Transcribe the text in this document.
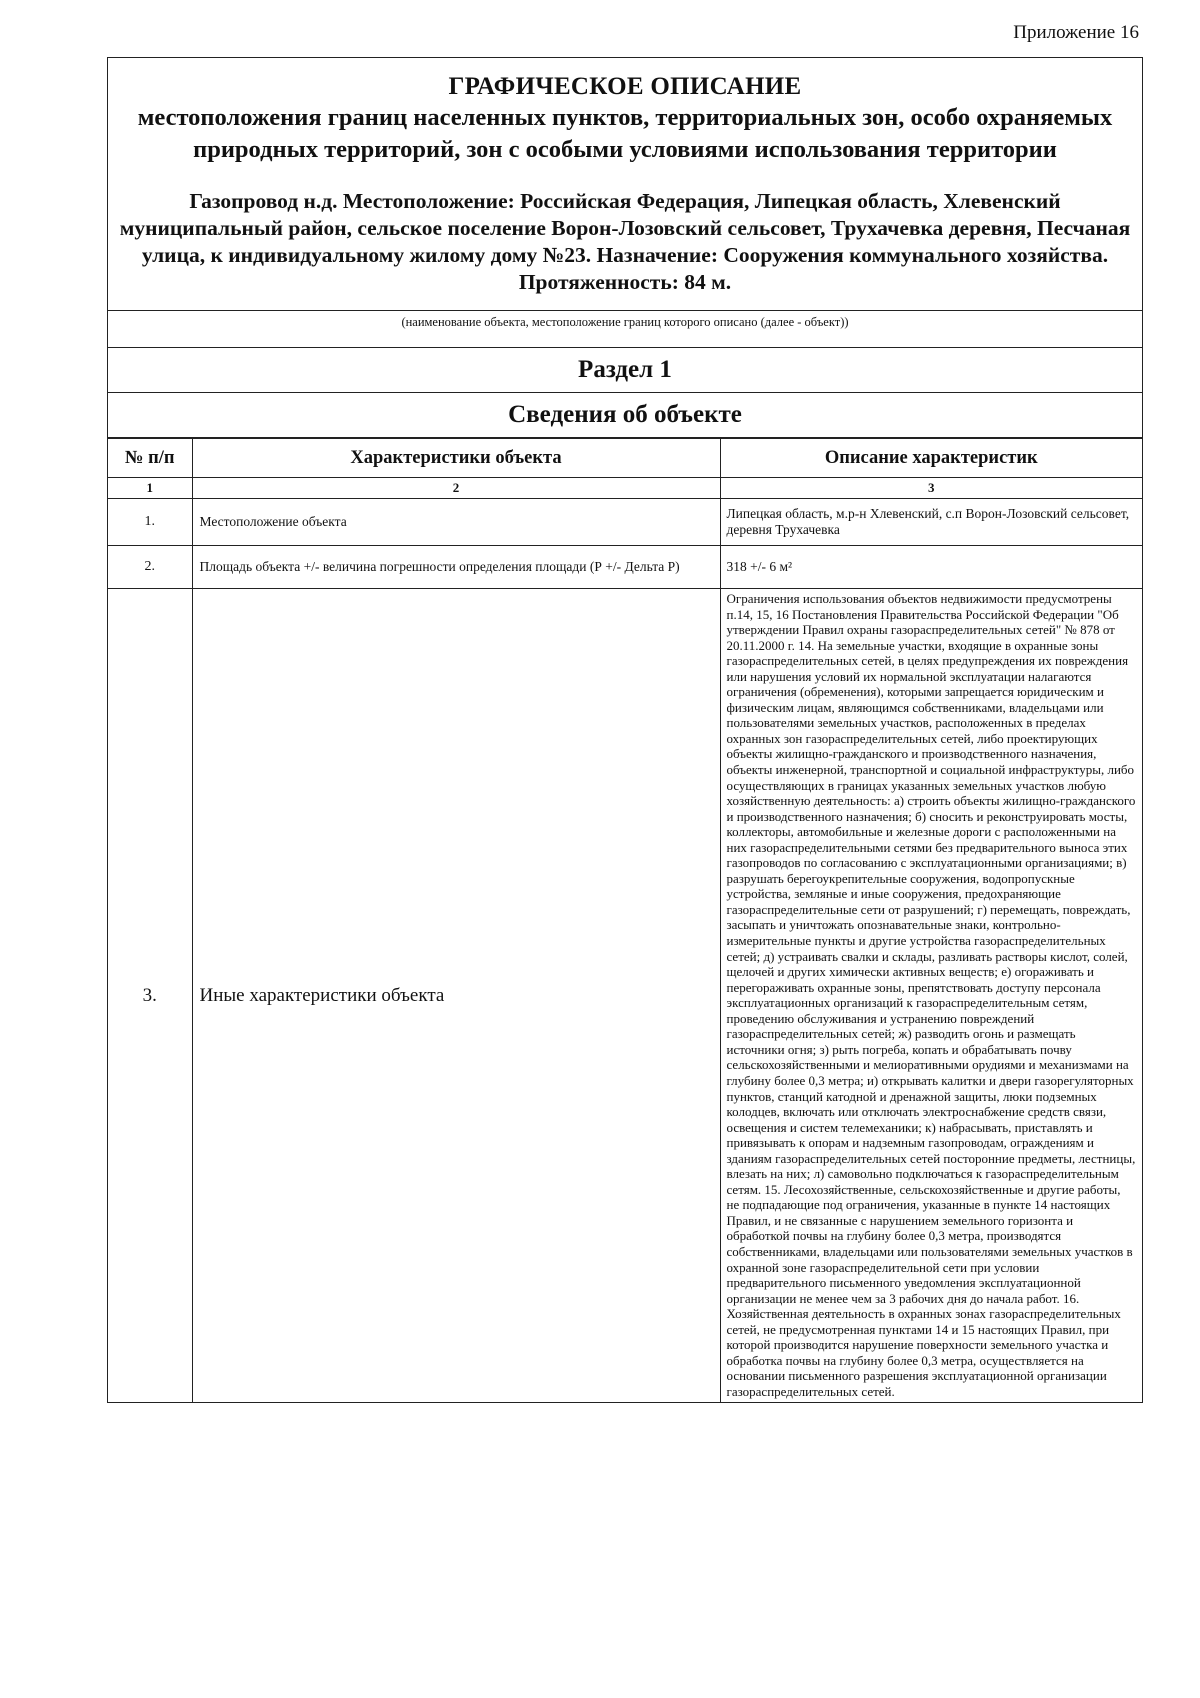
Приложение 16
ГРАФИЧЕСКОЕ ОПИСАНИЕ
местоположения границ населенных пунктов, территориальных зон, особо охраняемых природных территорий, зон с особыми условиями использования территории
Газопровод н.д. Местоположение: Российская Федерация, Липецкая область, Хлевенский муниципальный район, сельское поселение Ворон-Лозовский сельсовет, Трухачевка деревня, Песчаная улица, к индивидуальному жилому дому №23. Назначение: Сооружения коммунального хозяйства. Протяженность: 84 м.
(наименование объекта, местоположение границ которого описано (далее - объект))
Раздел 1
Сведения об объекте
№ п/п	Характеристики объекта	Описание характеристик
1	2	3
1.	Местоположение объекта	Липецкая область, м.р-н Хлевенский, с.п Ворон-Лозовский сельсовет, деревня Трухачевка
2.	Площадь объекта +/- величина погрешности определения площади (Р +/- Дельта Р)	318 +/- 6 м²
3.	Иные характеристики объекта	Ограничения использования объектов недвижимости предусмотрены п.14, 15, 16 Постановления Правительства Российской Федерации "Об утверждении Правил охраны газораспределительных сетей" № 878 от 20.11.2000 г. 14. На земельные участки, входящие в охранные зоны газораспределительных сетей, в целях предупреждения их повреждения или нарушения условий их нормальной эксплуатации налагаются ограничения (обременения), которыми запрещается юридическим и физическим лицам, являющимся собственниками, владельцами или пользователями земельных участков, расположенных в пределах охранных зон газораспределительных сетей, либо проектирующих объекты жилищно-гражданского и производственного назначения, объекты инженерной, транспортной и социальной инфраструктуры, либо осуществляющих в границах указанных земельных участков любую хозяйственную деятельность: а) строить объекты жилищно-гражданского и производственного назначения; б) сносить и реконструировать мосты, коллекторы, автомобильные и железные дороги с расположенными на них газораспределительными сетями без предварительного выноса этих газопроводов по согласованию с эксплуатационными организациями; в) разрушать берегоукрепительные сооружения, водопропускные устройства, земляные и иные сооружения, предохраняющие газораспределительные сети от разрушений; г) перемещать, повреждать, засыпать и уничтожать опознавательные знаки, контрольно-измерительные пункты и другие устройства газораспределительных сетей; д) устраивать свалки и склады, разливать растворы кислот, солей, щелочей и других химически активных веществ; е) огораживать и перегораживать охранные зоны, препятствовать доступу персонала эксплуатационных организаций к газораспределительным сетям, проведению обслуживания и устранению повреждений газораспределительных сетей; ж) разводить огонь и размещать источники огня; з) рыть погреба, копать и обрабатывать почву сельскохозяйственными и мелиоративными орудиями и механизмами на глубину более 0,3 метра; и) открывать калитки и двери газорегуляторных пунктов, станций катодной и дренажной защиты, люки подземных колодцев, включать или отключать электроснабжение средств связи, освещения и систем телемеханики; к) набрасывать, приставлять и привязывать к опорам и надземным газопроводам, ограждениям и зданиям газораспределительных сетей посторонние предметы, лестницы, влезать на них; л) самовольно подключаться к газораспределительным сетям. 15. Лесохозяйственные, сельскохозяйственные и другие работы, не подпадающие под ограничения, указанные в пункте 14 настоящих Правил, и не связанные с нарушением земельного горизонта и обработкой почвы на глубину более 0,3 метра, производятся собственниками, владельцами или пользователями земельных участков в охранной зоне газораспределительной сети при условии предварительного письменного уведомления эксплуатационной организации не менее чем за 3 рабочих дня до начала работ. 16. Хозяйственная деятельность в охранных зонах газораспределительных сетей, не предусмотренная пунктами 14 и 15 настоящих Правил, при которой производится нарушение поверхности земельного участка и обработка почвы на глубину более 0,3 метра, осуществляется на основании письменного разрешения эксплуатационной организации газораспределительных сетей.
